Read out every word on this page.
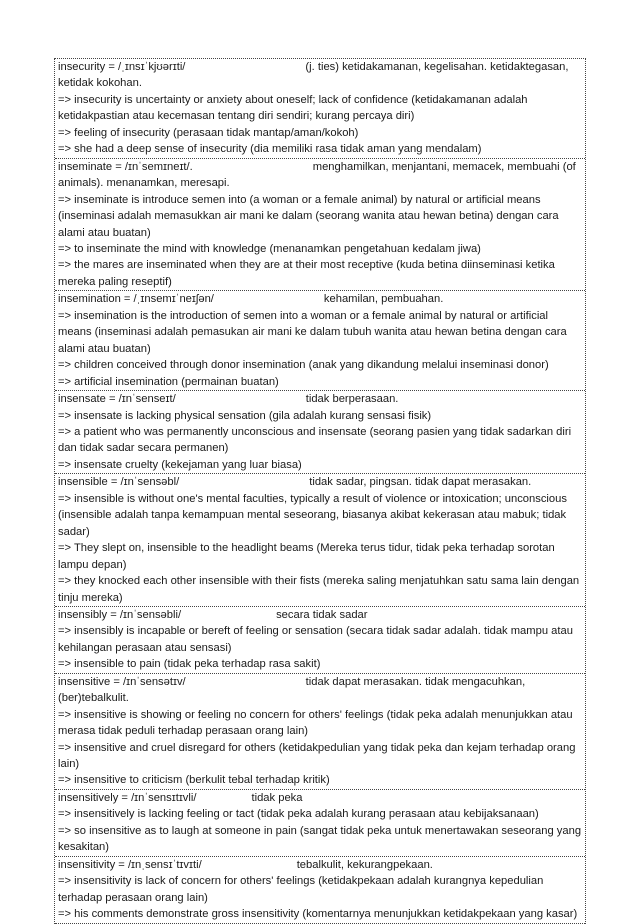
insecurity = /ˌɪnsɪˈkjʊərɪti/	(j. ties) ketidakamanan, kegelisahan. ketidaktegasan, ketidak kokohan.
=> insecurity is uncertainty or anxiety about oneself; lack of confidence (ketidakamanan adalah ketidakpastian atau kecemasan tentang diri sendiri; kurang percaya diri)
=> feeling of insecurity (perasaan tidak mantap/aman/kokoh)
=> she had a deep sense of insecurity (dia memiliki rasa tidak aman yang mendalam)
inseminate = /ɪnˈsemɪneɪt/.	menghamilkan, menjantani, memacek, membuahi (of animals). menanamkan, meresapi.
=> inseminate is introduce semen into (a woman or a female animal) by natural or artificial means (inseminasi adalah memasukkan air mani ke dalam (seorang wanita atau hewan betina) dengan cara alami atau buatan)
=> to inseminate the mind with knowledge (menanamkan pengetahuan kedalam jiwa)
=> the mares are inseminated when they are at their most receptive (kuda betina diinseminasi ketika mereka paling reseptif)
insemination = /ˌɪnsemɪˈneɪʃən/	kehamilan, pembuahan.
=> insemination is the introduction of semen into a woman or a female animal by natural or artificial means (inseminasi adalah pemasukan air mani ke dalam tubuh wanita atau hewan betina dengan cara alami atau buatan)
=> children conceived through donor insemination (anak yang dikandung melalui inseminasi donor)
=> artificial insemination (permainan buatan)
insensate = /ɪnˈsenseɪt/	tidak berperasaan.
=> insensate is lacking physical sensation (gila adalah kurang sensasi fisik)
=> a patient who was permanently unconscious and insensate (seorang pasien yang tidak sadarkan diri dan tidak sadar secara permanen)
=> insensate cruelty (kekejaman yang luar biasa)
insensible = /ɪnˈsensəbl/	tidak sadar, pingsan. tidak dapat merasakan.
=> insensible is without one's mental faculties, typically a result of violence or intoxication; unconscious (insensible adalah tanpa kemampuan mental seseorang, biasanya akibat kekerasan atau mabuk; tidak sadar)
=> They slept on, insensible to the headlight beams (Mereka terus tidur, tidak peka terhadap sorotan lampu depan)
=> they knocked each other insensible with their fists (mereka saling menjatuhkan satu sama lain dengan tinju mereka)
insensibly = /ɪnˈsensəbli/	secara tidak sadar
=> insensibly is incapable or bereft of feeling or sensation (secara tidak sadar adalah. tidak mampu atau kehilangan perasaan atau sensasi)
=> insensible to pain (tidak peka terhadap rasa sakit)
insensitive = /ɪnˈsensətɪv/	tidak dapat merasakan. tidak mengacuhkan, (ber)tebalkulit.
=> insensitive is showing or feeling no concern for others' feelings (tidak peka adalah menunjukkan atau merasa tidak peduli terhadap perasaan orang lain)
=> insensitive and cruel disregard for others (ketidakpedulian yang tidak peka dan kejam terhadap orang lain)
=> insensitive to criticism (berkulit tebal terhadap kritik)
insensitively = /ɪnˈsensɪtɪvli/	tidak peka
=> insensitively is lacking feeling or tact (tidak peka adalah kurang perasaan atau kebijaksanaan)
=> so insensitive as to laugh at someone in pain (sangat tidak peka untuk menertawakan seseorang yang kesakitan)
insensitivity = /ɪnˌsensɪˈtɪvɪti/	tebalkulit, kekurangpekaan.
=> insensitivity is lack of concern for others' feelings (ketidakpekaan adalah kurangnya kepedulian terhadap perasaan orang lain)
=> his comments demonstrate gross insensitivity (komentarnya menunjukkan ketidakpekaan yang kasar)
